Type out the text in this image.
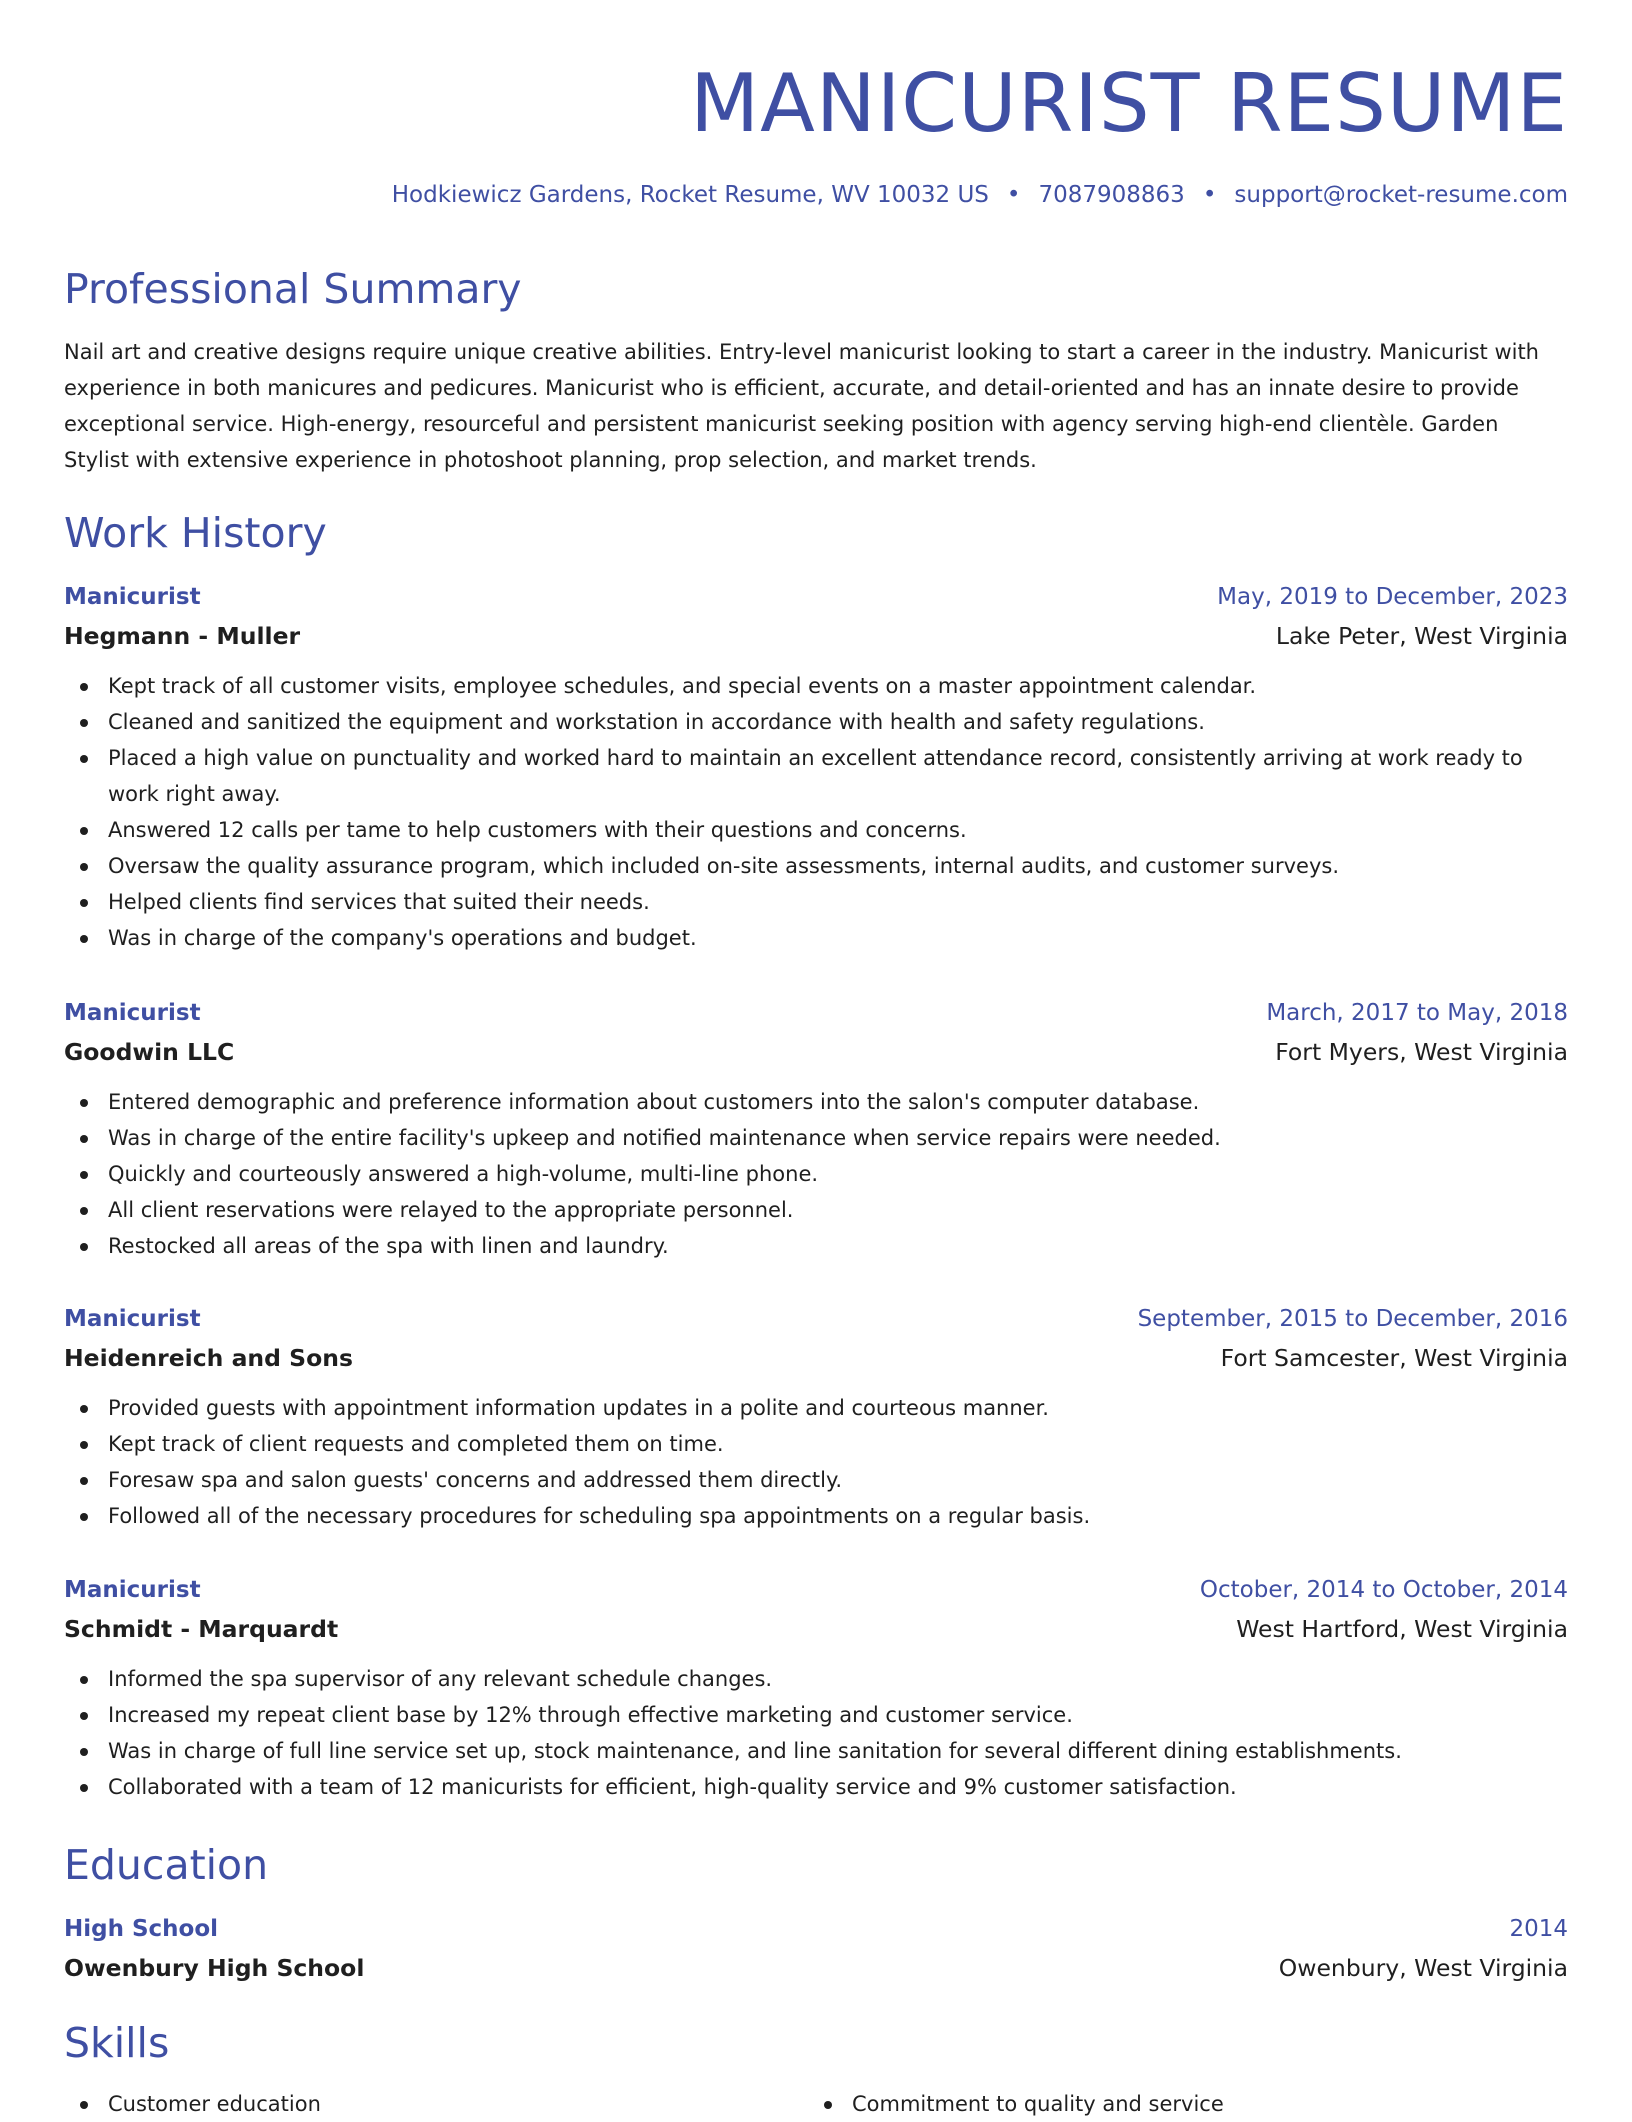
MANICURIST RESUME
Hodkiewicz Gardens, Rocket Resume, WV 10032 US • 7087908863 • support@rocket-resume.com
Professional Summary

Nail art and creative designs require unique creative abilities. Entry-level manicurist looking to start a career in the industry. Manicurist with experience in both manicures and pedicures. Manicurist who is efficient, accurate, and detail-oriented and has an innate desire to provide exceptional service. High-energy, resourceful and persistent manicurist seeking position with agency serving high-end clientèle. Garden Stylist with extensive experience in photoshoot planning, prop selection, and market trends.

Work History
Manicurist	May, 2019 to December, 2023
Hegmann - Muller	Lake Peter, West Virginia
Kept track of all customer visits, employee schedules, and special events on a master appointment calendar.
Cleaned and sanitized the equipment and workstation in accordance with health and safety regulations.
Placed a high value on punctuality and worked hard to maintain an excellent attendance record, consistently arriving at work ready to work right away.
Answered 12 calls per tame to help customers with their questions and concerns.
Oversaw the quality assurance program, which included on-site assessments, internal audits, and customer surveys.
Helped clients find services that suited their needs.
Was in charge of the company's operations and budget.
Manicurist	March, 2017 to May, 2018
Goodwin LLC	Fort Myers, West Virginia
Entered demographic and preference information about customers into the salon's computer database.
Was in charge of the entire facility's upkeep and notified maintenance when service repairs were needed.
Quickly and courteously answered a high-volume, multi-line phone.
All client reservations were relayed to the appropriate personnel.
Restocked all areas of the spa with linen and laundry.
Manicurist	September, 2015 to December, 2016
Heidenreich and Sons	Fort Samcester, West Virginia
Provided guests with appointment information updates in a polite and courteous manner.
Kept track of client requests and completed them on time.
Foresaw spa and salon guests' concerns and addressed them directly.
Followed all of the necessary procedures for scheduling spa appointments on a regular basis.
Manicurist	October, 2014 to October, 2014
Schmidt - Marquardt	West Hartford, West Virginia
Informed the spa supervisor of any relevant schedule changes.
Increased my repeat client base by 12% through effective marketing and customer service.
Was in charge of full line service set up, stock maintenance, and line sanitation for several different dining establishments.
Collaborated with a team of 12 manicurists for efficient, high-quality service and 9% customer satisfaction.
Education
High School	2014
Owenbury High School	Owenbury, West Virginia
Skills
Customer education	Commitment to quality and service
